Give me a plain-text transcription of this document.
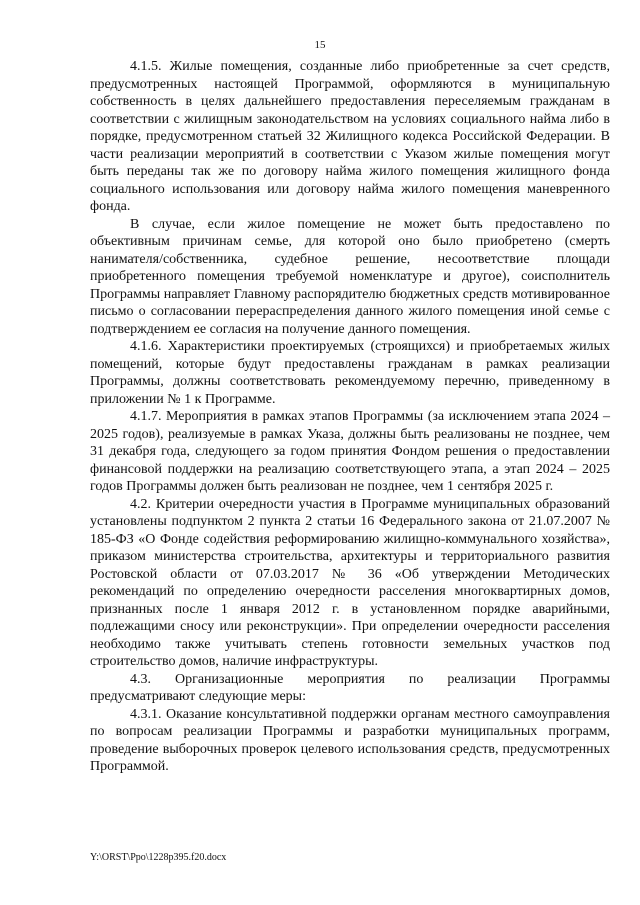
15

4.1.5. Жилые помещения, созданные либо приобретенные за счет средств, предусмотренных настоящей Программой, оформляются в муниципальную собственность в целях дальнейшего предоставления переселяемым гражданам в соответствии с жилищным законодательством на условиях социального найма либо в порядке, предусмотренном статьей 32 Жилищного кодекса Российской Федерации. В части реализации мероприятий в соответствии с Указом жилые помещения могут быть переданы так же по договору найма жилого помещения жилищного фонда социального использования или договору найма жилого помещения маневренного фонда.

В случае, если жилое помещение не может быть предоставлено по объективным причинам семье, для которой оно было приобретено (смерть нанимателя/собственника, судебное решение, несоответствие площади приобретенного помещения требуемой номенклатуре и другое), соисполнитель Программы направляет Главному распорядителю бюджетных средств мотивированное письмо о согласовании перераспределения данного жилого помещения иной семье с подтверждением ее согласия на получение данного помещения.

4.1.6. Характеристики проектируемых (строящихся) и приобретаемых жилых помещений, которые будут предоставлены гражданам в рамках реализации Программы, должны соответствовать рекомендуемому перечню, приведенному в приложении № 1 к Программе.

4.1.7. Мероприятия в рамках этапов Программы (за исключением этапа 2024 – 2025 годов), реализуемые в рамках Указа, должны быть реализованы не позднее, чем 31 декабря года, следующего за годом принятия Фондом решения о предоставлении финансовой поддержки на реализацию соответствующего этапа, а этап 2024 – 2025 годов Программы должен быть реализован не позднее, чем 1 сентября 2025 г.

4.2. Критерии очередности участия в Программе муниципальных образований установлены подпунктом 2 пункта 2 статьи 16 Федерального закона от 21.07.2007 № 185-ФЗ «О Фонде содействия реформированию жилищно-коммунального хозяйства», приказом министерства строительства, архитектуры и территориального развития Ростовской области от 07.03.2017 № 36 «Об утверждении Методических рекомендаций по определению очередности расселения многоквартирных домов, признанных после 1 января 2012 г. в установленном порядке аварийными, подлежащими сносу или реконструкции». При определении очередности расселения необходимо также учитывать степень готовности земельных участков под строительство домов, наличие инфраструктуры.

4.3. Организационные мероприятия по реализации Программы предусматривают следующие меры:

4.3.1. Оказание консультативной поддержки органам местного самоуправления по вопросам реализации Программы и разработки муниципальных программ, проведение выборочных проверок целевого использования средств, предусмотренных Программой.

Y:\ORST\Ppo\1228p395.f20.docx
